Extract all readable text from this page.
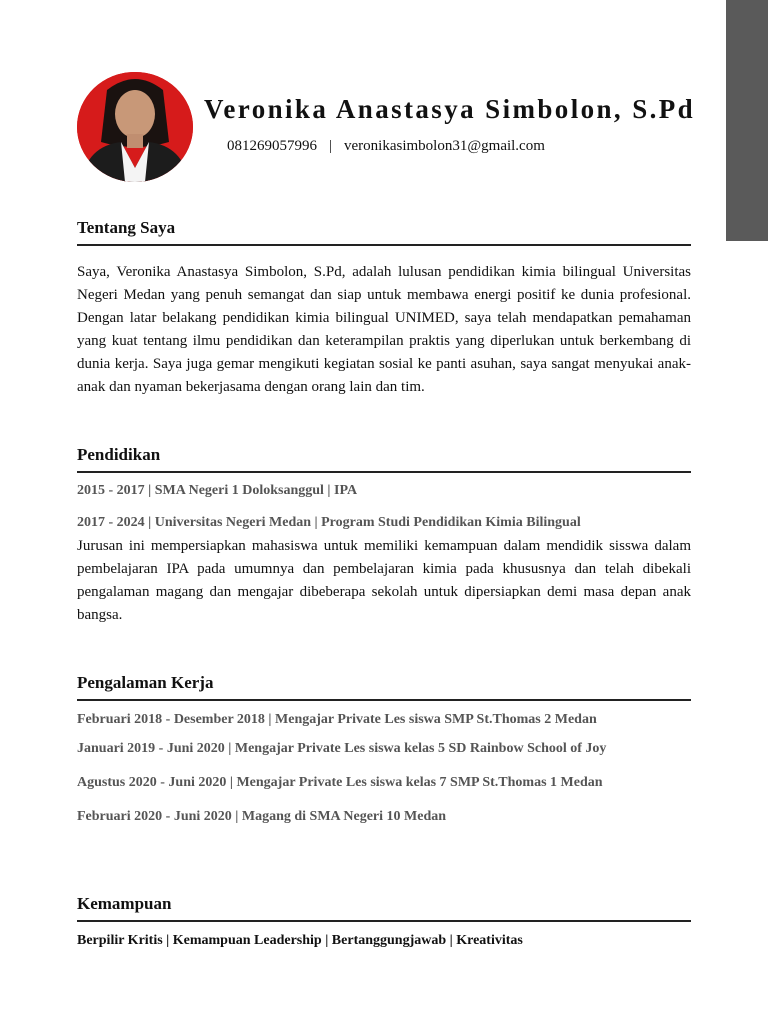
Veronika Anastasya Simbolon, S.Pd
081269057996 | veronikasimbolon31@gmail.com
Tentang Saya

Saya, Veronika Anastasya Simbolon, S.Pd, adalah lulusan pendidikan kimia bilingual Universitas Negeri Medan yang penuh semangat dan siap untuk membawa energi positif ke dunia profesional. Dengan latar belakang pendidikan kimia bilingual UNIMED, saya telah mendapatkan pemahaman yang kuat tentang ilmu pendidikan dan keterampilan praktis yang diperlukan untuk berkembang di dunia kerja. Saya juga gemar mengikuti kegiatan sosial ke panti asuhan, saya sangat menyukai anak-anak dan nyaman bekerjasama dengan orang lain dan tim.

Pendidikan
2015 - 2017 | SMA Negeri 1 Doloksanggul | IPA
2017 - 2024 | Universitas Negeri Medan | Program Studi Pendidikan Kimia Bilingual

Jurusan ini mempersiapkan mahasiswa untuk memiliki kemampuan dalam mendidik sisswa dalam pembelajaran IPA pada umumnya dan pembelajaran kimia pada khususnya dan telah dibekali pengalaman magang dan mengajar dibeberapa sekolah untuk dipersiapkan demi masa depan anak bangsa.

Pengalaman Kerja
Februari 2018 - Desember 2018 | Mengajar Private Les siswa SMP St.Thomas 2 Medan
Januari 2019 - Juni 2020 | Mengajar Private Les siswa kelas 5 SD Rainbow School of Joy
Agustus 2020 - Juni 2020 | Mengajar Private Les siswa kelas 7 SMP St.Thomas 1 Medan
Februari 2020 - Juni 2020 | Magang di SMA Negeri 10 Medan
Kemampuan
Berpilir Kritis | Kemampuan Leadership | Bertanggungjawab | Kreativitas
